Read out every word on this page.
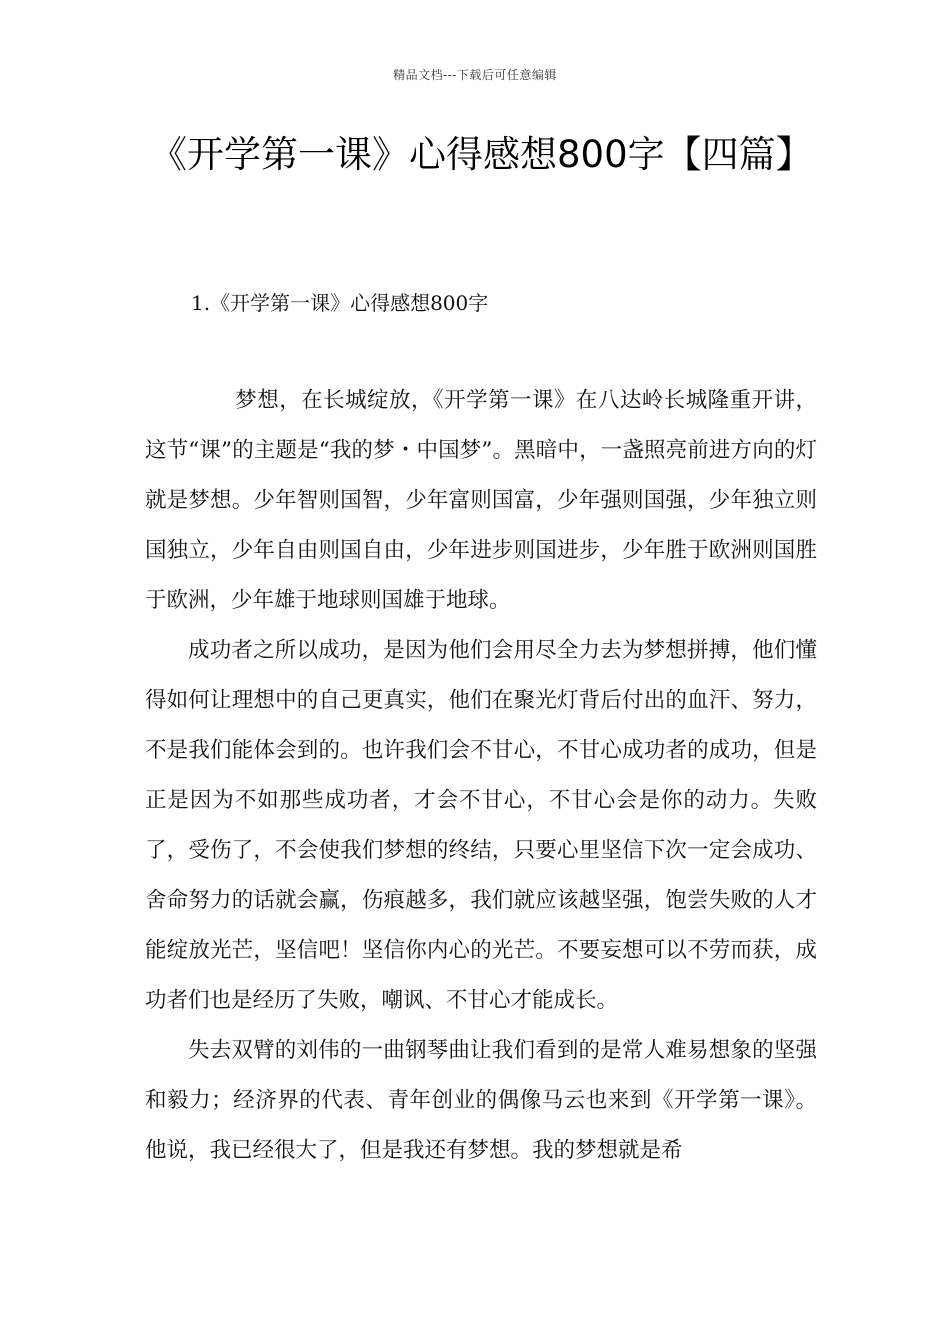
精品文档---下载后可任意编辑
《开学第一课》心得感想800字【四篇】
1.《开学第一课》心得感想800字

梦想，在长城绽放，《开学第一课》在八达岭长城隆重开讲，这节“课”的主题是“我的梦・中国梦”。黑暗中，一盏照亮前进方向的灯就是梦想。少年智则国智，少年富则国富，少年强则国强，少年独立则国独立，少年自由则国自由，少年进步则国进步，少年胜于欧洲则国胜于欧洲，少年雄于地球则国雄于地球。

成功者之所以成功，是因为他们会用尽全力去为梦想拼搏，他们懂得如何让理想中的自己更真实，他们在聚光灯背后付出的血汗、努力，不是我们能体会到的。也许我们会不甘心，不甘心成功者的成功，但是正是因为不如那些成功者，才会不甘心，不甘心会是你的动力。失败了，受伤了，不会使我们梦想的终结，只要心里坚信下次一定会成功、舍命努力的话就会赢，伤痕越多，我们就应该越坚强，饱尝失败的人才能绽放光芒，坚信吧！坚信你内心的光芒。不要妄想可以不劳而获，成功者们也是经历了失败，嘲讽、不甘心才能成长。

失去双臂的刘伟的一曲钢琴曲让我们看到的是常人难易想象的坚强和毅力；经济界的代表、青年创业的偶像马云也来到《开学第一课》。他说，我已经很大了，但是我还有梦想。我的梦想就是希
